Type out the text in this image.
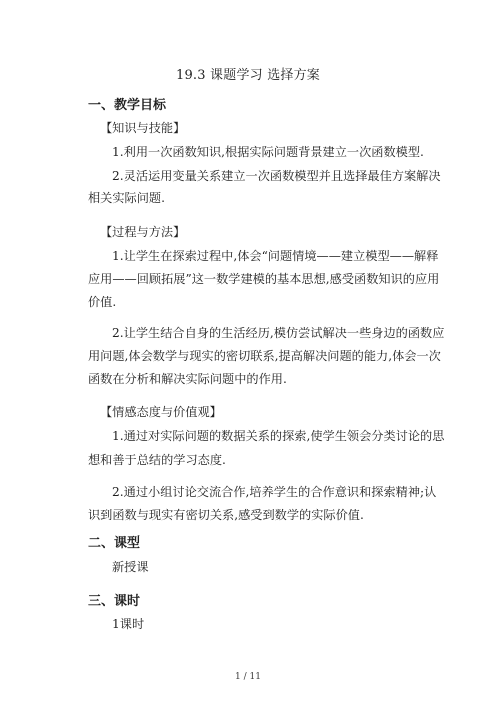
19.3 课题学习 选择方案
一、教学目标
【知识与技能】
1.利用一次函数知识,根据实际问题背景建立一次函数模型.
2.灵活运用变量关系建立一次函数模型并且选择最佳方案解决
相关实际问题.
【过程与方法】
1.让学生在探索过程中,体会“问题情境——建立模型——解释
应用——回顾拓展”这一数学建模的基本思想,感受函数知识的应用
价值.
2.让学生结合自身的生活经历,模仿尝试解决一些身边的函数应
用问题,体会数学与现实的密切联系,提高解决问题的能力,体会一次
函数在分析和解决实际问题中的作用.
【情感态度与价值观】
1.通过对实际问题的数据关系的探索,使学生领会分类讨论的思
想和善于总结的学习态度.
2.通过小组讨论交流合作,培养学生的合作意识和探索精神;认
识到函数与现实有密切关系,感受到数学的实际价值.
二、课型
新授课
三、课时
1课时
1 / 11
